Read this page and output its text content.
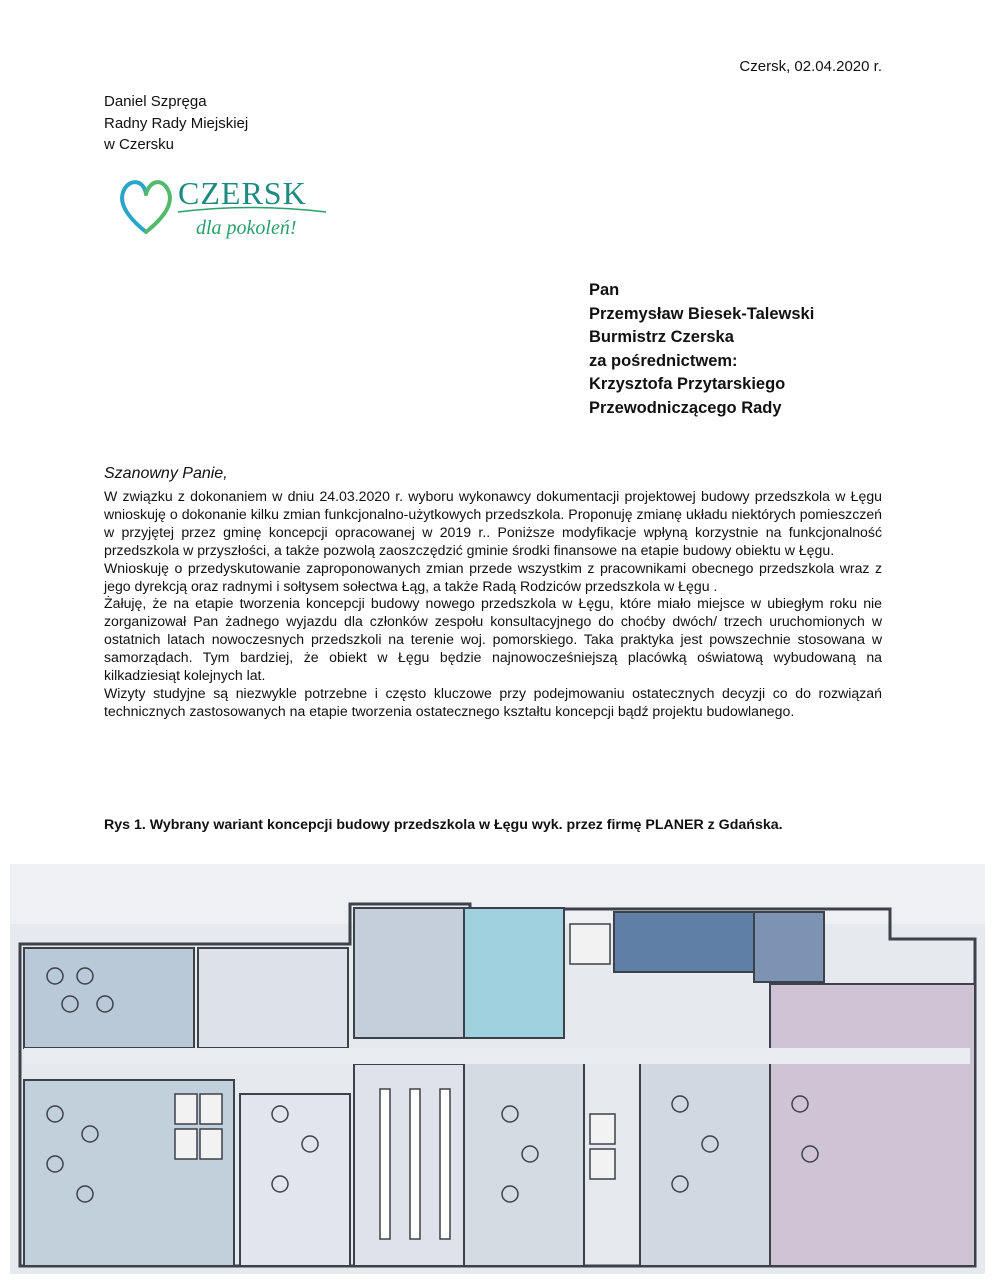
Czersk, 02.04.2020 r.
Daniel Szpręga
Radny Rady Miejskiej
w Czersku
CZERSK
dla pokoleń!
Pan
Przemysław Biesek-Talewski
Burmistrz Czerska
za pośrednictwem:
Krzysztofa Przytarskiego
Przewodniczącego Rady
Szanowny Panie,

W związku z dokonaniem w dniu 24.03.2020 r. wyboru wykonawcy dokumentacji projektowej budowy przedszkola w Łęgu wnioskuję o dokonanie kilku zmian funkcjonalno-użytkowych przedszkola. Proponuję zmianę układu niektórych pomieszczeń w przyjętej przez gminę koncepcji opracowanej w 2019 r.. Poniższe modyfikacje wpłyną korzystnie na funkcjonalność przedszkola w przyszłości, a także pozwolą zaoszczędzić gminie środki finansowe na etapie budowy obiektu w Łęgu.

Wnioskuję o przedyskutowanie zaproponowanych zmian przede wszystkim z pracownikami obecnego przedszkola wraz z jego dyrekcją oraz radnymi i sołtysem sołectwa Łąg, a także Radą Rodziców przedszkola w Łęgu .

Żałuję, że na etapie tworzenia koncepcji budowy nowego przedszkola w Łęgu, które miało miejsce w ubiegłym roku nie zorganizował Pan żadnego wyjazdu dla członków zespołu konsultacyjnego do choćby dwóch/ trzech uruchomionych w ostatnich latach nowoczesnych przedszkoli na terenie woj. pomorskiego. Taka praktyka jest powszechnie stosowana w samorządach. Tym bardziej, że obiekt w Łęgu będzie najnowocześniejszą placówką oświatową wybudowaną na kilkadziesiąt kolejnych lat.

Wizyty studyjne są niezwykle potrzebne i często kluczowe przy podejmowaniu ostatecznych decyzji co do rozwiązań technicznych zastosowanych na etapie tworzenia ostatecznego kształtu koncepcji bądź projektu budowlanego.

Rys 1. Wybrany wariant koncepcji budowy przedszkola w Łęgu wyk. przez firmę PLANER z Gdańska.
